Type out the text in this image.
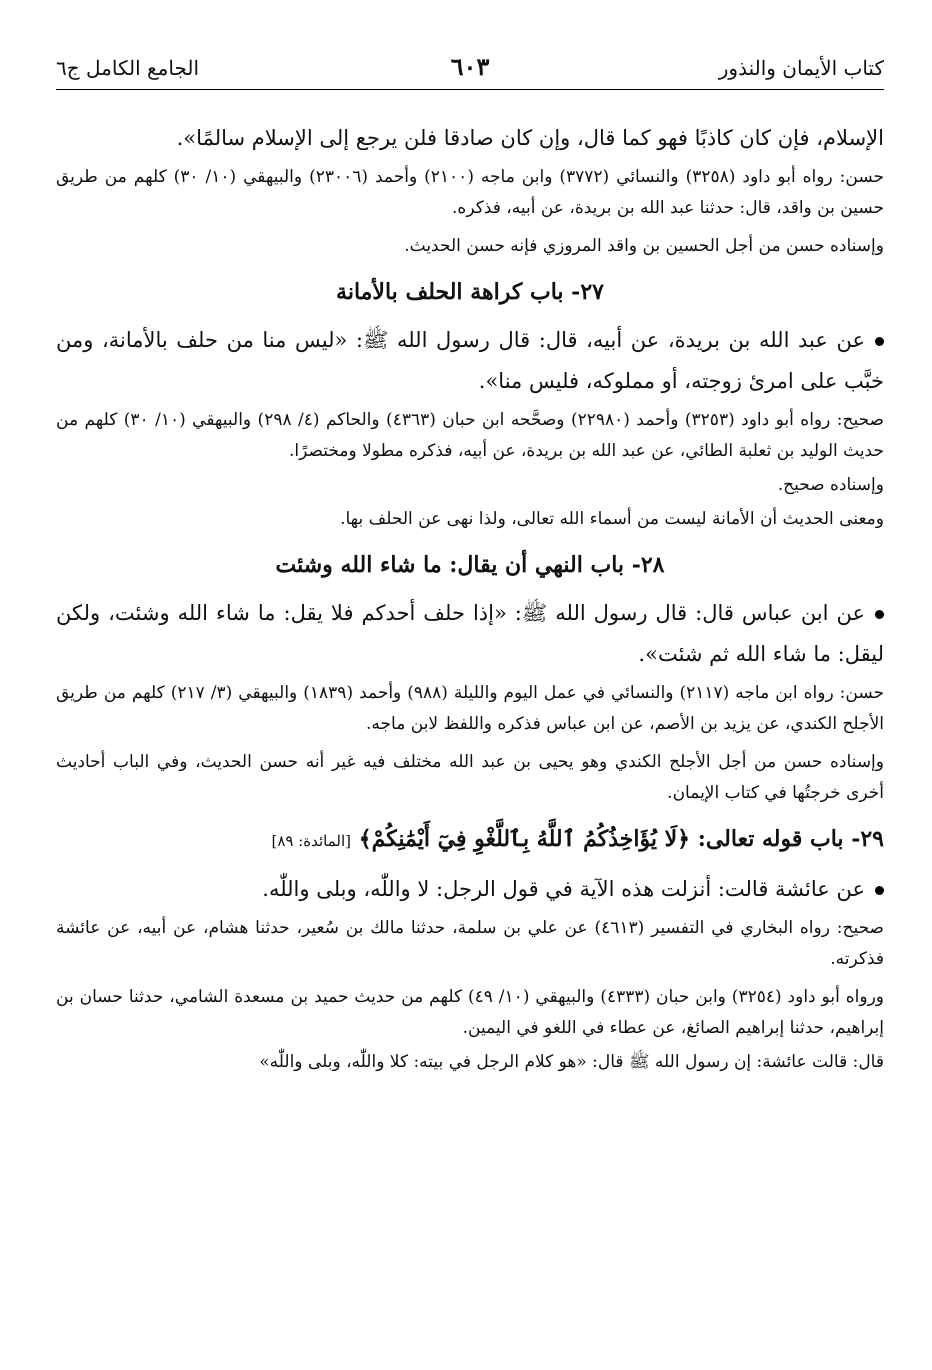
كتاب الأيمان والنذور
٦٠٣
الجامع الكامل ج٦

الإسلام، فإن كان كاذبًا فهو كما قال، وإن كان صادقا فلن يرجع إلى الإسلام سالمًا».

حسن: رواه أبو داود (٣٢٥٨) والنسائي (٣٧٧٢) وابن ماجه (٢١٠٠) وأحمد (٢٣٠٠٦) والبيهقي (١٠/ ٣٠) كلهم من طريق حسين بن واقد، قال: حدثنا عبد الله بن بريدة، عن أبيه، فذكره.

وإسناده حسن من أجل الحسين بن واقد المروزي فإنه حسن الحديث.

٢٧- باب كراهة الحلف بالأمانة

عن عبد الله بن بريدة، عن أبيه، قال: قال رسول الله ﷺ: «ليس منا من حلف بالأمانة، ومن خبَّب على امرئ زوجته، أو مملوكه، فليس منا».

صحيح: رواه أبو داود (٣٢٥٣) وأحمد (٢٢٩٨٠) وصحَّحه ابن حبان (٤٣٦٣) والحاكم (٤/ ٢٩٨) والبيهقي (١٠/ ٣٠) كلهم من حديث الوليد بن ثعلبة الطائي، عن عبد الله بن بريدة، عن أبيه، فذكره مطولا ومختصرًا.

وإسناده صحيح.

ومعنى الحديث أن الأمانة ليست من أسماء الله تعالى، ولذا نهى عن الحلف بها.

٢٨- باب النهي أن يقال: ما شاء الله وشئت

عن ابن عباس قال: قال رسول الله ﷺ: «إذا حلف أحدكم فلا يقل: ما شاء الله وشئت، ولكن ليقل: ما شاء الله ثم شئت».

حسن: رواه ابن ماجه (٢١١٧) والنسائي في عمل اليوم والليلة (٩٨٨) وأحمد (١٨٣٩) والبيهقي (٣/ ٢١٧) كلهم من طريق الأجلح الكندي، عن يزيد بن الأصم، عن ابن عباس فذكره واللفظ لابن ماجه.

وإسناده حسن من أجل الأجلح الكندي وهو يحيى بن عبد الله مختلف فيه غير أنه حسن الحديث، وفي الباب أحاديث أخرى خرجتُها في كتاب الإيمان.

٢٩- باب قوله تعالى: ﴿لَا يُؤَاخِذُكُمُ ٱللَّهُ بِٱللَّغْوِ فِيٓ أَيْمَٰنِكُمْ﴾ [المائدة: ٨٩]

عن عائشة قالت: أنزلت هذه الآية في قول الرجل: لا واللّٰه، وبلى واللّٰه.

صحيح: رواه البخاري في التفسير (٤٦١٣) عن علي بن سلمة، حدثنا مالك بن سُعير، حدثنا هشام، عن أبيه، عن عائشة فذكرته.

ورواه أبو داود (٣٢٥٤) وابن حبان (٤٣٣٣) والبيهقي (١٠/ ٤٩) كلهم من حديث حميد بن مسعدة الشامي، حدثنا حسان بن إبراهيم، حدثنا إبراهيم الصائغ، عن عطاء في اللغو في اليمين.

قال: قالت عائشة: إن رسول الله ﷺ قال: «هو كلام الرجل في بيته: كلا واللّٰه، وبلى واللّٰه»
